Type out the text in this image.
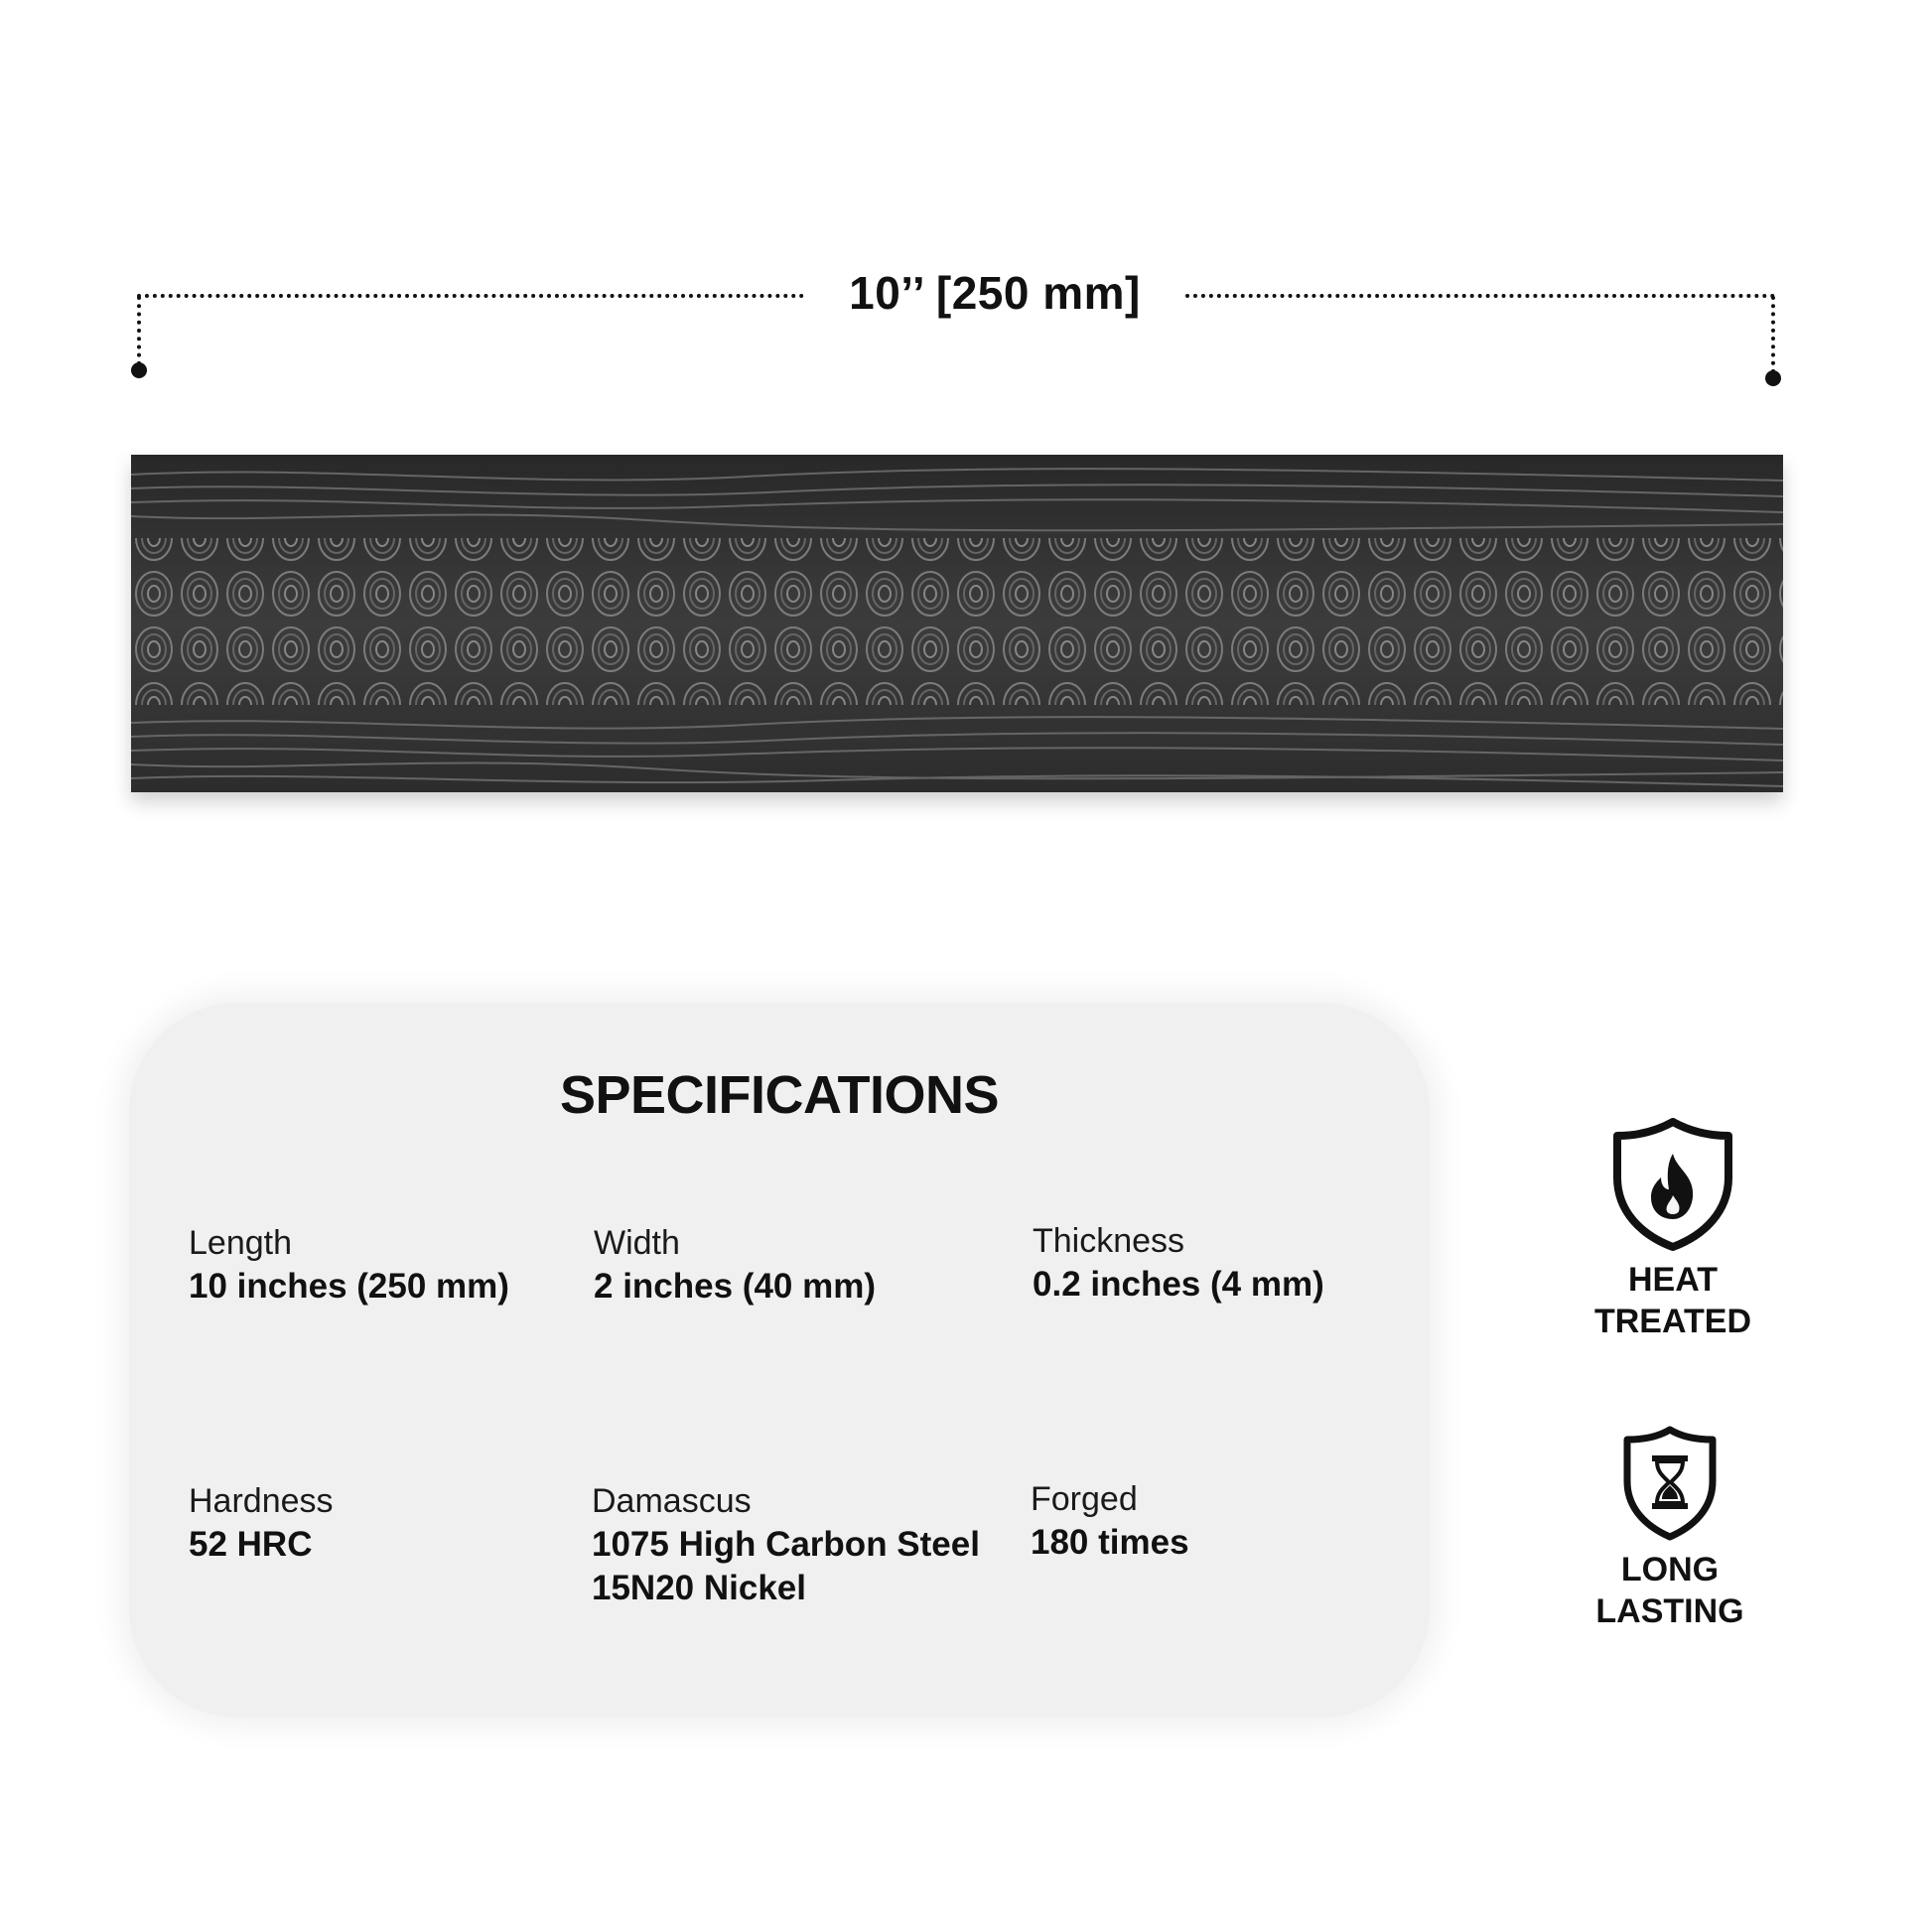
10’’ [250 mm]
SPECIFICATIONS
Length
10 inches (250 mm)
Width
2 inches (40 mm)
Thickness
0.2 inches (4 mm)
Hardness
52 HRC
Damascus
1075 High Carbon Steel
15N20 Nickel
Forged
180 times
HEAT
TREATED
LONG
LASTING
